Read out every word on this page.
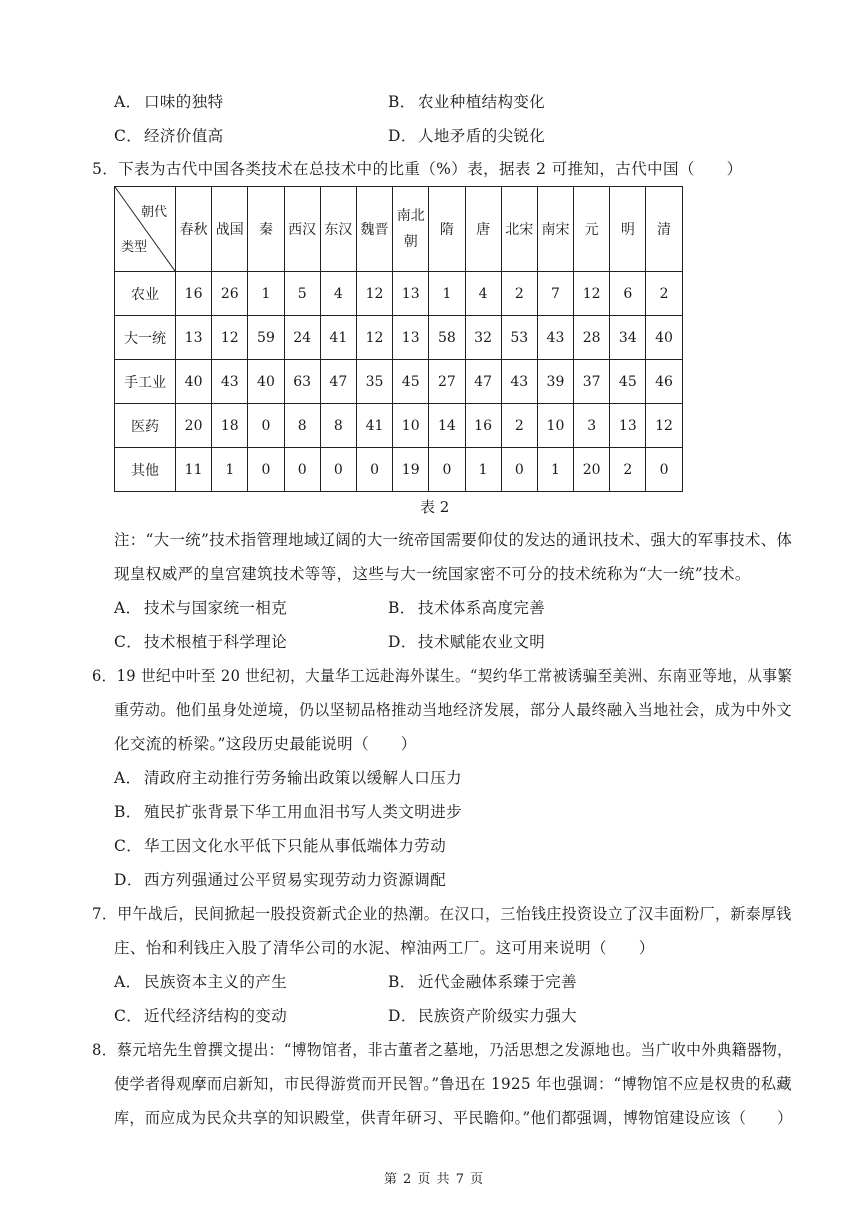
A． 口味的独特	B． 农业种植结构变化
C． 经济价值高	D．人地矛盾的尖锐化
5．下表为古代中国各类技术在总技术中的比重（%）表，据表 2 可推知，古代中国（　　）
朝代
类型	春秋	战国	秦	西汉	东汉	魏晋	南北朝	隋	唐	北宋	南宋	元	明	清
农业	16	26	1	5	4	12	13	1	4	2	7	12	6	2
大一统	13	12	59	24	41	12	13	58	32	53	43	28	34	40
手工业	40	43	40	63	47	35	45	27	47	43	39	37	45	46
医药	20	18	0	8	8	41	10	14	16	2	10	3	13	12
其他	11	1	0	0	0	0	19	0	1	0	1	20	2	0
表 2
注：“大一统”技术指管理地域辽阔的大一统帝国需要仰仗的发达的通讯技术、强大的军事技术、体
现皇权威严的皇宫建筑技术等等，这些与大一统国家密不可分的技术统称为“大一统”技术。
A． 技术与国家统一相克	B． 技术体系高度完善
C． 技术根植于科学理论	D．技术赋能农业文明
6．19 世纪中叶至 20 世纪初，大量华工远赴海外谋生。“契约华工常被诱骗至美洲、东南亚等地，从事繁
重劳动。他们虽身处逆境，仍以坚韧品格推动当地经济发展，部分人最终融入当地社会，成为中外文
化交流的桥梁。”这段历史最能说明（　　）
A． 清政府主动推行劳务输出政策以缓解人口压力
B． 殖民扩张背景下华工用血泪书写人类文明进步
C． 华工因文化水平低下只能从事低端体力劳动
D．西方列强通过公平贸易实现劳动力资源调配
7．甲午战后，民间掀起一股投资新式企业的热潮。在汉口，三怡钱庄投资设立了汉丰面粉厂，新泰厚钱
庄、怡和利钱庄入股了清华公司的水泥、榨油两工厂。这可用来说明（　　）
A． 民族资本主义的产生	B． 近代金融体系臻于完善
C． 近代经济结构的变动	D．民族资产阶级实力强大
8．蔡元培先生曾撰文提出：“博物馆者，非古董者之墓地，乃活思想之发源地也。当广收中外典籍器物，
使学者得观摩而启新知，市民得游赏而开民智。”鲁迅在 1925 年也强调：“博物馆不应是权贵的私藏
库，而应成为民众共享的知识殿堂，供青年研习、平民瞻仰。”他们都强调，博物馆建设应该（　　）
第 2 页 共 7 页
